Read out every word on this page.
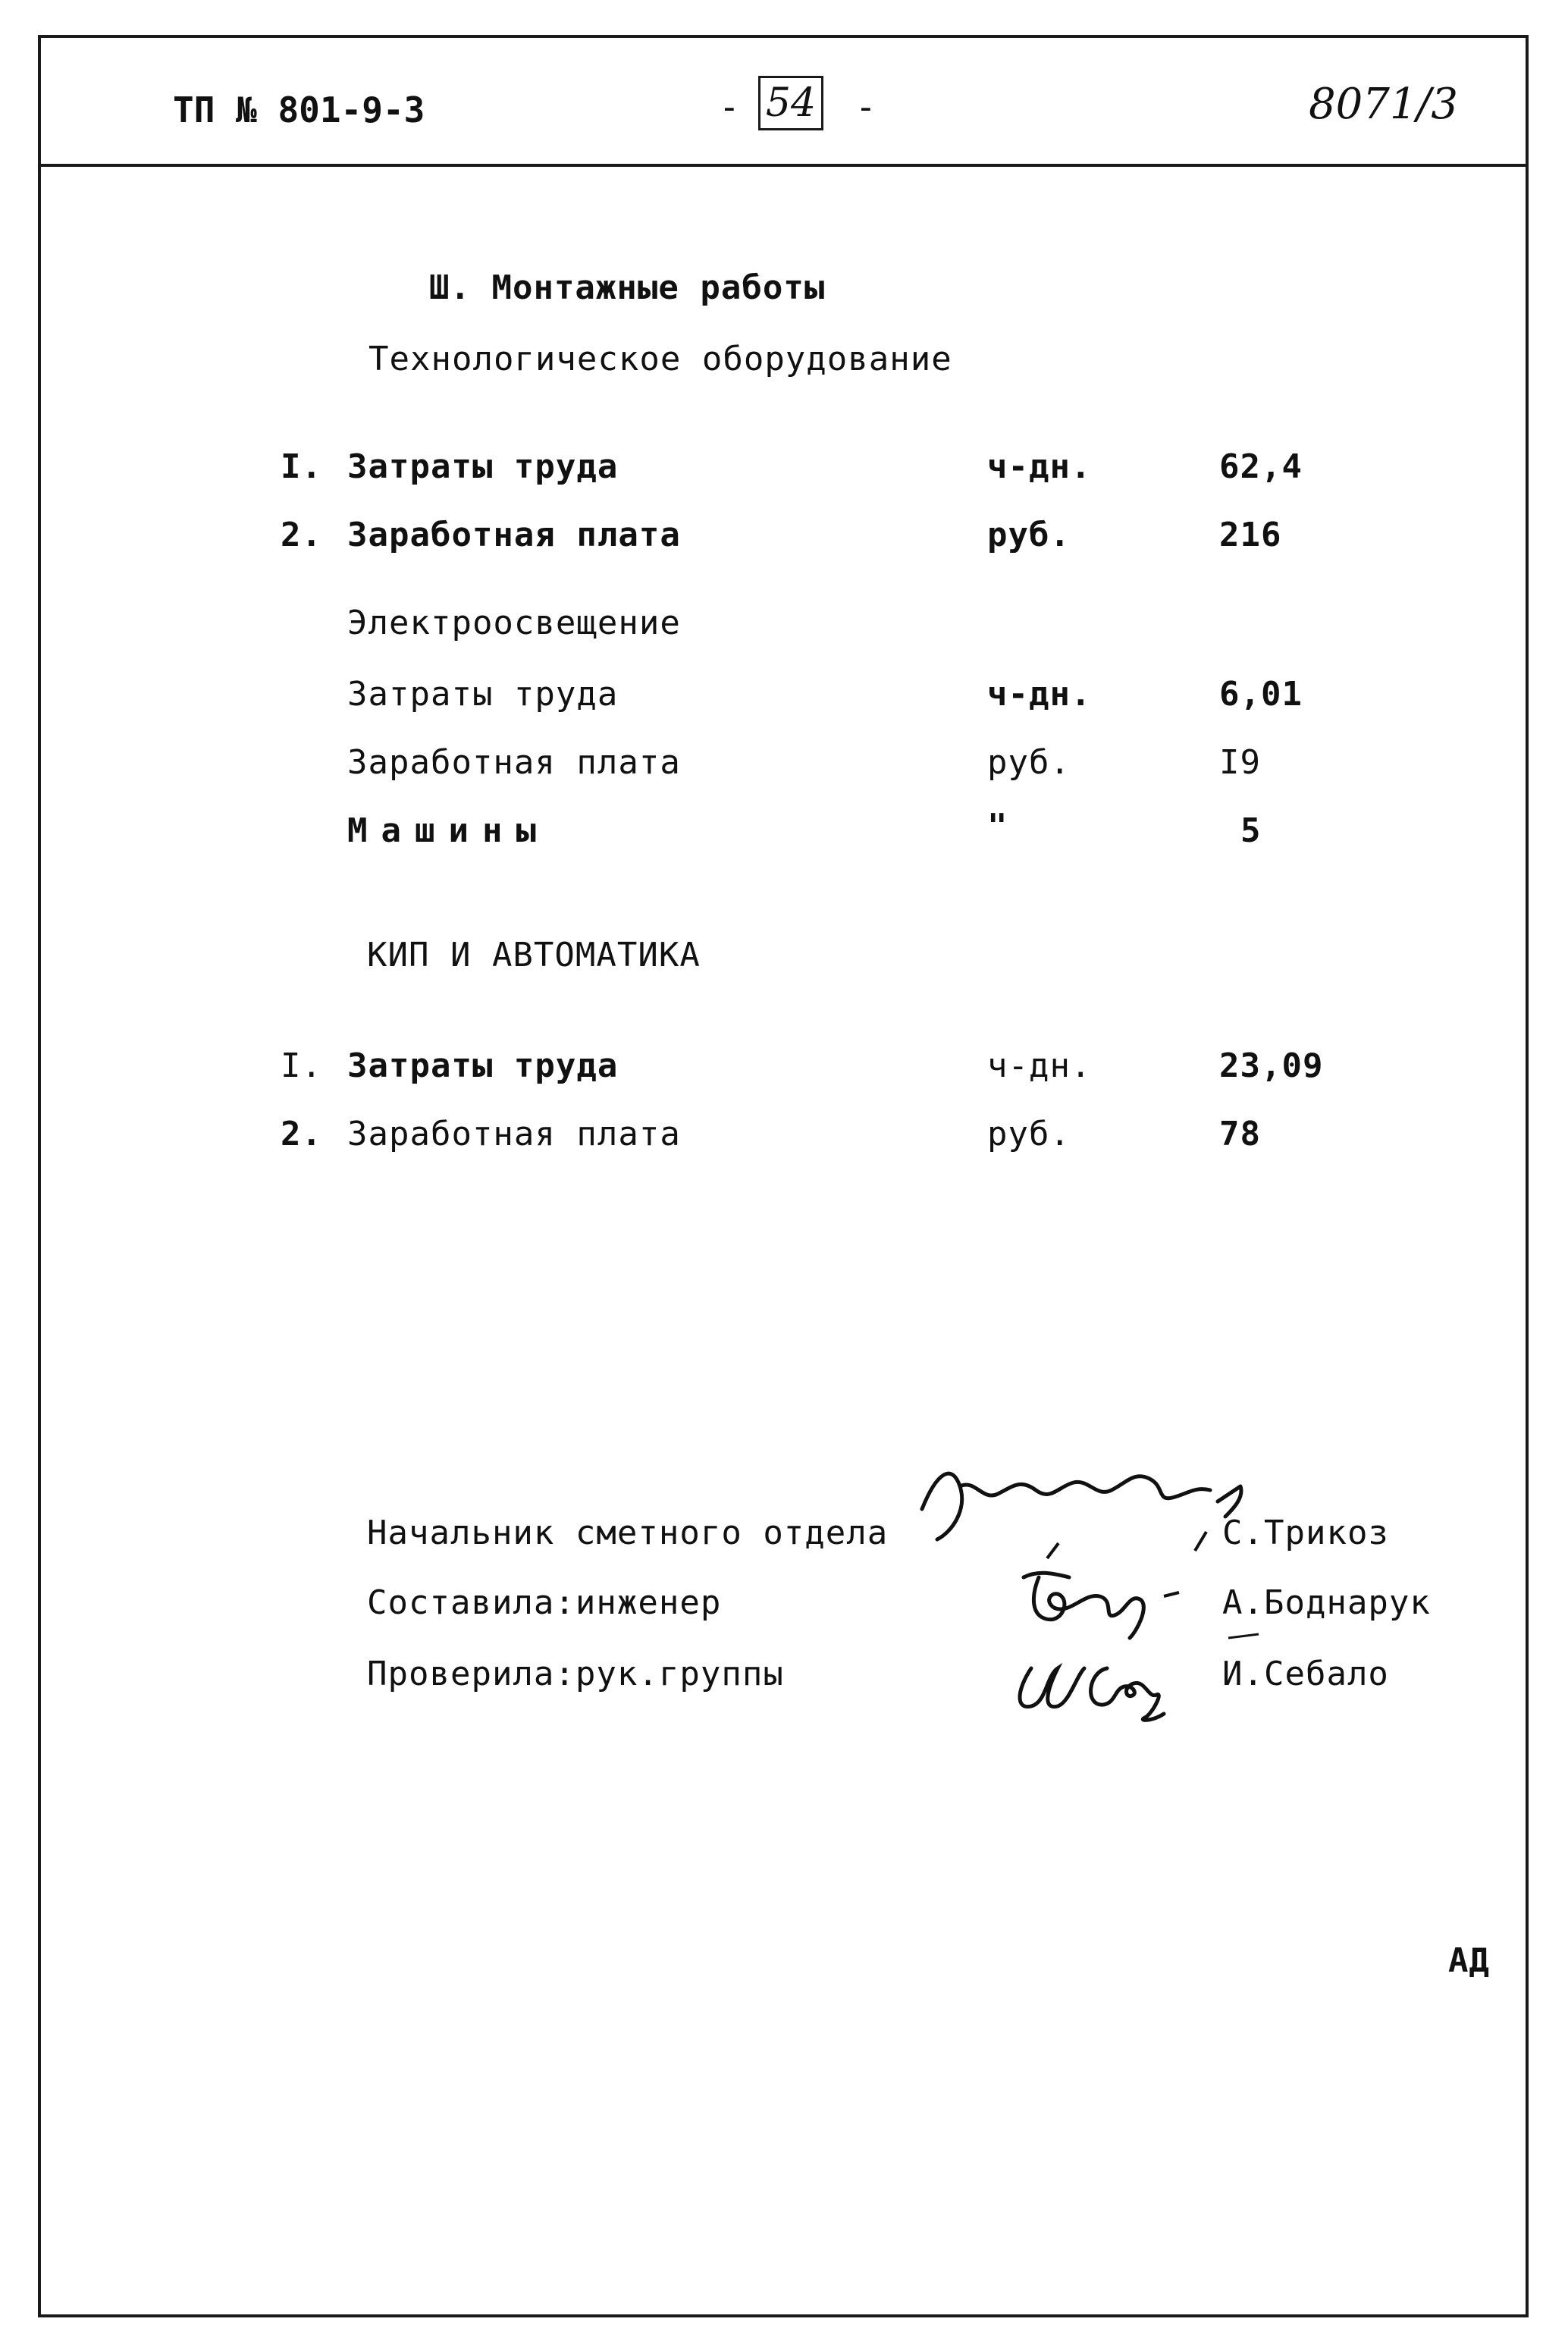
ТП № 801-9-3	- 54 -	8071/3
Ш. Монтажные работы
Технологическое оборудование
I. Затраты труда	ч-дн.	62,4
2. Заработная плата	руб.	216
Электроосвещение
Затраты труда	ч-дн.	6,01
Заработная плата	руб.	I9
Машины	"	5
КИП И АВТОМАТИКА
I. Затраты труда	ч-дн.	23,09
2. Заработная плата	руб.	78
Начальник сметного отдела	С.Трикоз
Составила:инженер	А.Боднарук
Проверила:рук.группы	И.Себало
АД
